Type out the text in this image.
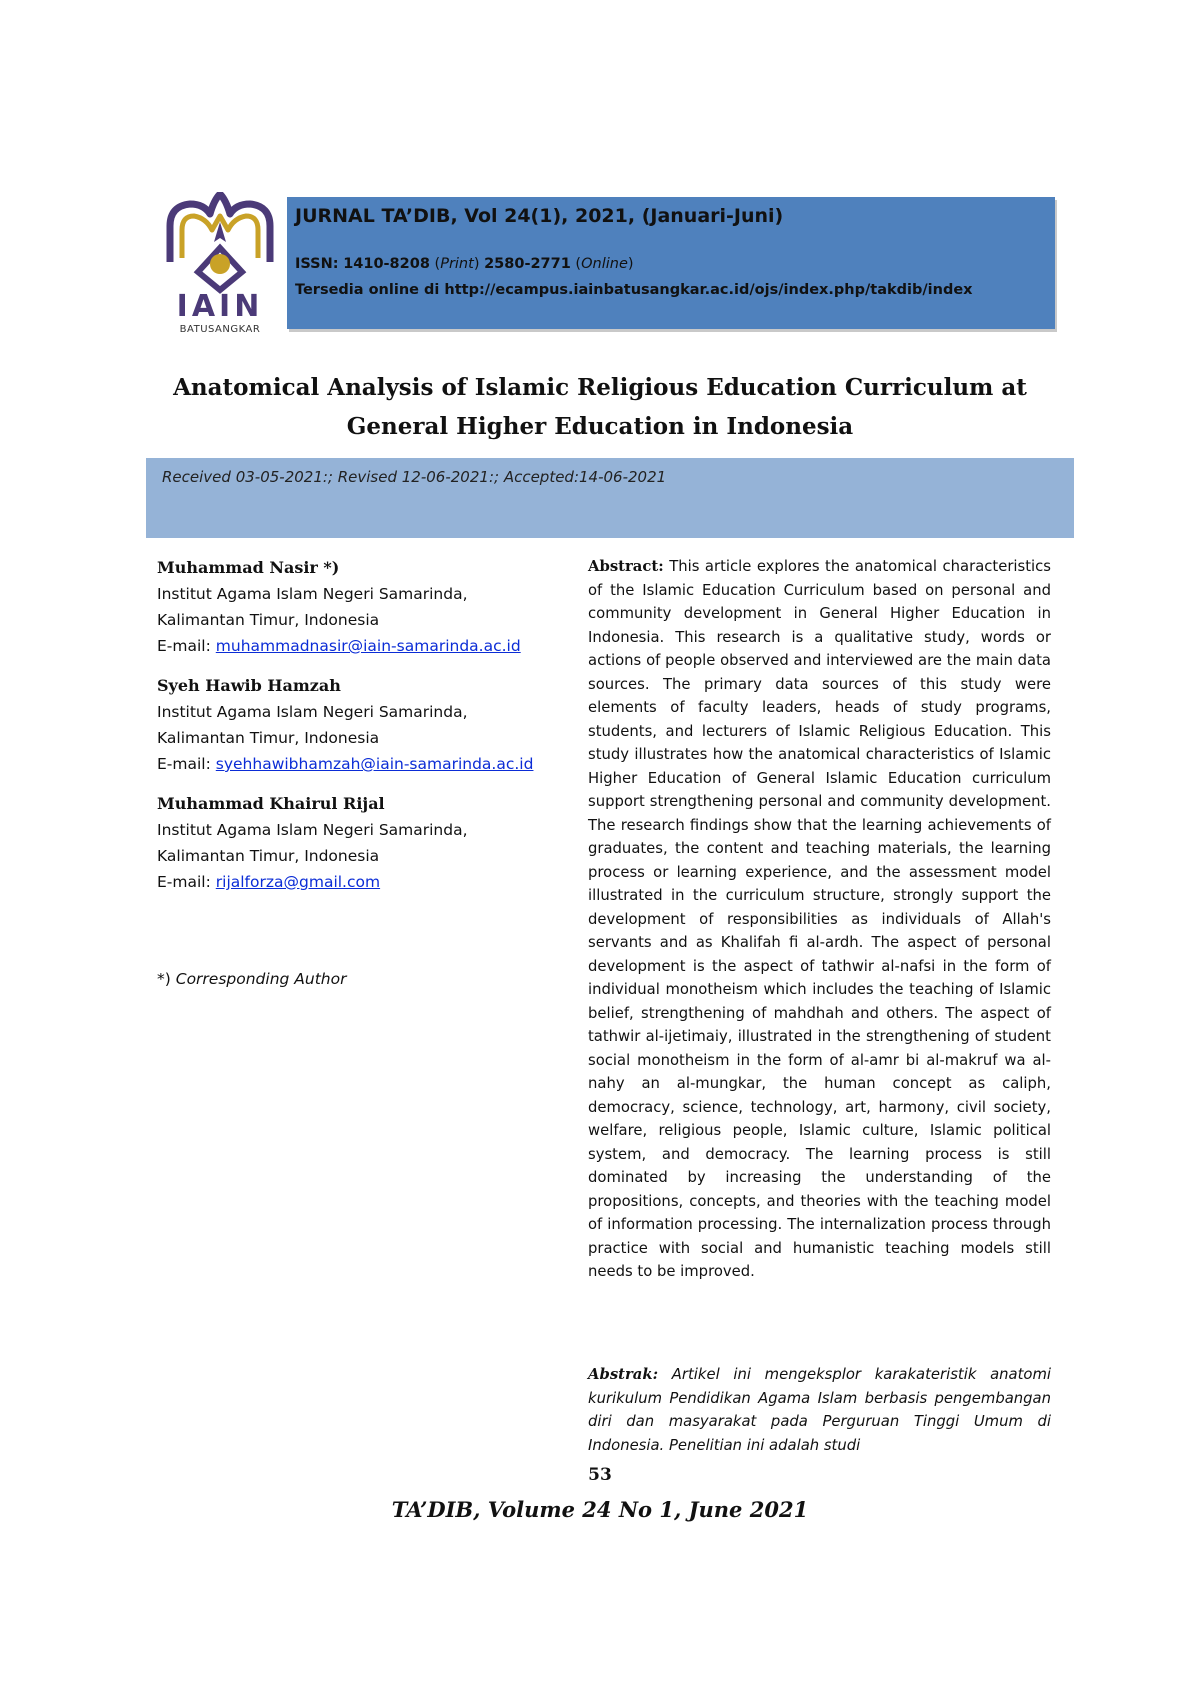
IAIN
BATUSANGKAR
JURNAL TA’DIB, Vol 24(1), 2021, (Januari-Juni)
ISSN: 1410-8208 (Print) 2580-2771 (Online)
Tersedia online di http://ecampus.iainbatusangkar.ac.id/ojs/index.php/takdib/index
Anatomical Analysis of Islamic Religious Education Curriculum at General Higher Education in Indonesia
Received 03-05-2021:; Revised 12-06-2021:; Accepted:14-06-2021
Muhammad Nasir *)
Institut Agama Islam Negeri Samarinda,
Kalimantan Timur, Indonesia
E-mail: muhammadnasir@iain-samarinda.ac.id
Syeh Hawib Hamzah
Institut Agama Islam Negeri Samarinda,
Kalimantan Timur, Indonesia
E-mail: syehhawibhamzah@iain-samarinda.ac.id
Muhammad Khairul Rijal
Institut Agama Islam Negeri Samarinda,
Kalimantan Timur, Indonesia
E-mail: rijalforza@gmail.com
*) Corresponding Author
Abstract: This article explores the anatomical characteristics of the Islamic Education Curriculum based on personal and community development in General Higher Education in Indonesia. This research is a qualitative study, words or actions of people observed and interviewed are the main data sources. The primary data sources of this study were elements of faculty leaders, heads of study programs, students, and lecturers of Islamic Religious Education. This study illustrates how the anatomical characteristics of Islamic Higher Education of General Islamic Education curriculum support strengthening personal and community development. The research findings show that the learning achievements of graduates, the content and teaching materials, the learning process or learning experience, and the assessment model illustrated in the curriculum structure, strongly support the development of responsibilities as individuals of Allah's servants and as Khalifah fi al-ardh. The aspect of personal development is the aspect of tathwir al-nafsi in the form of individual monotheism which includes the teaching of Islamic belief, strengthening of mahdhah and others. The aspect of tathwir al-ijetimaiy, illustrated in the strengthening of student social monotheism in the form of al-amr bi al-makruf wa al-nahy an al-mungkar, the human concept as caliph, democracy, science, technology, art, harmony, civil society, welfare, religious people, Islamic culture, Islamic political system, and democracy. The learning process is still dominated by increasing the understanding of the propositions, concepts, and theories with the teaching model of information processing. The internalization process through practice with social and humanistic teaching models still needs to be improved.
Abstrak: Artikel ini mengeksplor karakateristik anatomi kurikulum Pendidikan Agama Islam berbasis pengembangan diri dan masyarakat pada Perguruan Tinggi Umum di Indonesia. Penelitian ini adalah studi
53
TA’DIB, Volume 24 No 1, June 2021
